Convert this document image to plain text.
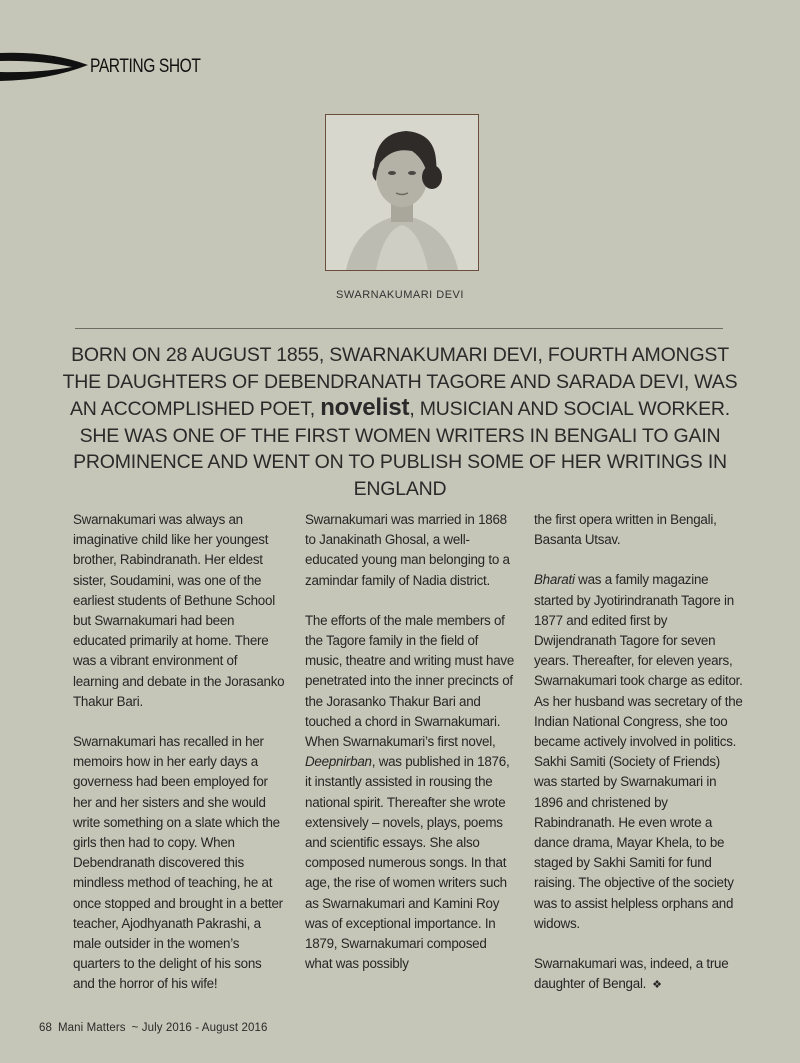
PARTING SHOT
SWARNAKUMARI DEVI
BORN ON 28 AUGUST 1855, SWARNAKUMARI DEVI, FOURTH AMONGST THE DAUGHTERS OF DEBENDRANATH TAGORE AND SARADA DEVI, WAS AN ACCOMPLISHED POET, novelist, MUSICIAN AND SOCIAL WORKER. SHE WAS ONE OF THE FIRST WOMEN WRITERS IN BENGALI TO GAIN PROMINENCE AND WENT ON TO PUBLISH SOME OF HER WRITINGS IN ENGLAND

Swarnakumari was always an imaginative child like her youngest brother, Rabindranath. Her eldest sister, Soudamini, was one of the earliest students of Bethune School but Swarnakumari had been educated primarily at home. There was a vibrant environment of learning and debate in the Jorasanko Thakur Bari.

Swarnakumari has recalled in her memoirs how in her early days a governess had been employed for her and her sisters and she would write something on a slate which the girls then had to copy. When Debendranath discovered this mindless method of teaching, he at once stopped and brought in a better teacher, Ajodhyanath Pakrashi, a male outsider in the women’s quarters to the delight of his sons and the horror of his wife!

Swarnakumari was married in 1868 to Janakinath Ghosal, a well-educated young man belonging to a zamindar family of Nadia district.

The efforts of the male members of the Tagore family in the field of music, theatre and writing must have penetrated into the inner precincts of the Jorasanko Thakur Bari and touched a chord in Swarnakumari. When Swarnakumari’s first novel, Deepnirban, was published in 1876, it instantly assisted in rousing the national spirit. Thereafter she wrote extensively – novels, plays, poems and scientific essays. She also composed numerous songs. In that age, the rise of women writers such as Swarnakumari and Kamini Roy was of exceptional importance. In 1879, Swarnakumari composed what was possibly

the first opera written in Bengali, Basanta Utsav.

Bharati was a family magazine started by Jyotirindranath Tagore in 1877 and edited first by Dwijendranath Tagore for seven years. Thereafter, for eleven years, Swarnakumari took charge as editor. As her husband was secretary of the Indian National Congress, she too became actively involved in politics. Sakhi Samiti (Society of Friends) was started by Swarnakumari in 1896 and christened by Rabindranath. He even wrote a dance drama, Mayar Khela, to be staged by Sakhi Samiti for fund raising. The objective of the society was to assist helpless orphans and widows.

Swarnakumari was, indeed, a true daughter of Bengal. ❖

68 Mani Matters ~ July 2016 - August 2016
